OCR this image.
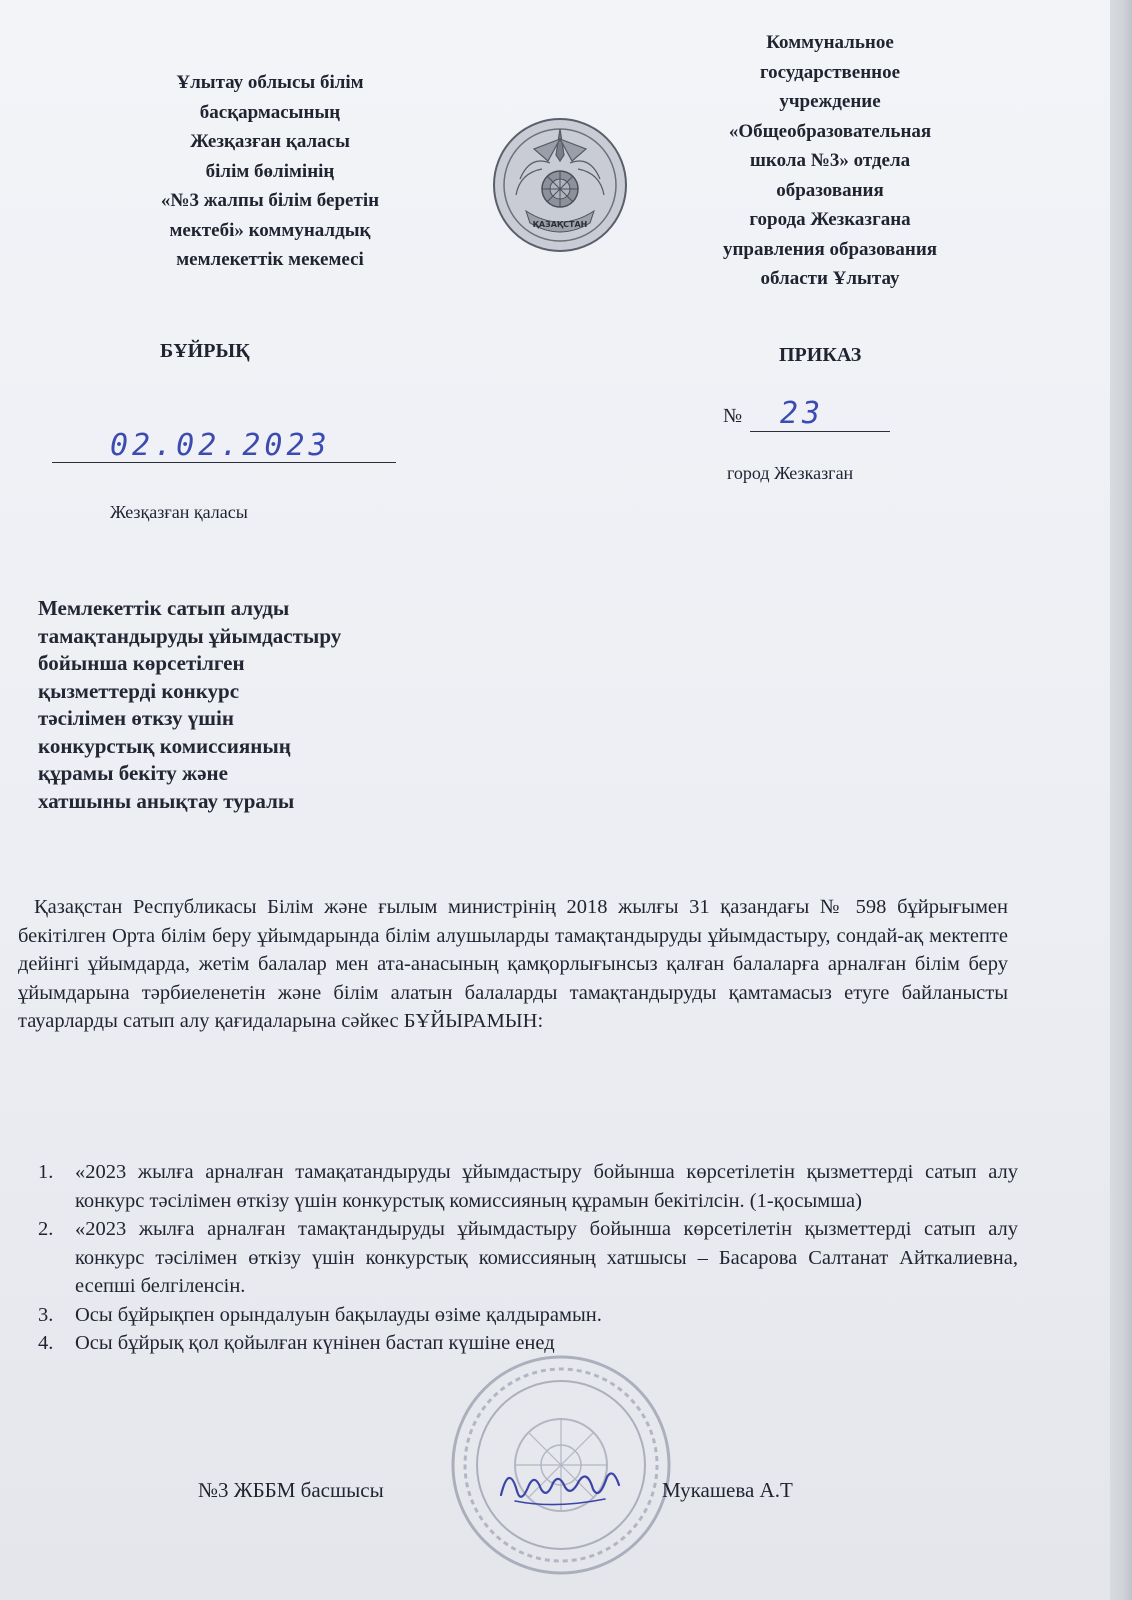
Ұлытау облысы білім
басқармасының
Жезқазған қаласы
білім бөлімінің
«№3 жалпы білім беретін
мектебі» коммуналдық
мемлекеттік мекемесі
ҚАЗАҚСТАН
Коммунальное
государственное
учреждение
«Общеобразовательная
школа №3» отдела
образования
города Жезказгана
управления образования
области Ұлытау
БҰЙРЫҚ	ПРИКАЗ
02.02.2023
№ 23
город Жезказган
Жезқазған қаласы
Мемлекеттік сатып алуды
тамақтандыруды ұйымдастыру
бойынша көрсетілген
қызметтерді конкурс
тәсілімен өткзу үшін
конкурстық комиссияның
құрамы бекіту және
хатшыны анықтау туралы
Қазақстан Республикасы Білім және ғылым министрінің 2018 жылғы 31 қазандағы № 598 бұйрығымен бекітілген Орта білім беру ұйымдарында білім алушыларды тамақтандыруды ұйымдастыру, сондай-ақ мектепте дейінгі ұйымдарда, жетім балалар мен ата-анасының қамқорлығынсыз қалған балаларға арналған білім беру ұйымдарына тәрбиеленетін және білім алатын балаларды тамақтандыруды қамтамасыз етуге байланысты тауарларды сатып алу қағидаларына сәйкес БҰЙЫРАМЫН:
1. «2023 жылға арналған тамақатандыруды ұйымдастыру бойынша көрсетілетін қызметтерді сатып алу конкурс тәсілімен өткізу үшін конкурстық комиссияның құрамын бекітілсін. (1-қосымша)
2. «2023 жылға арналған тамақтандыруды ұйымдастыру бойынша көрсетілетін қызметтерді сатып алу конкурс тәсілімен өткізу үшін конкурстық комиссияның хатшысы – Басарова Салтанат Айткалиевна, есепші белгіленсін.
3. Осы бұйрықпен орындалуын бақылауды өзіме қалдырамын.
4. Осы бұйрық қол қойылған күнінен бастап күшіне енед
№3 ЖББМ басшысы	Мукашева А.Т
